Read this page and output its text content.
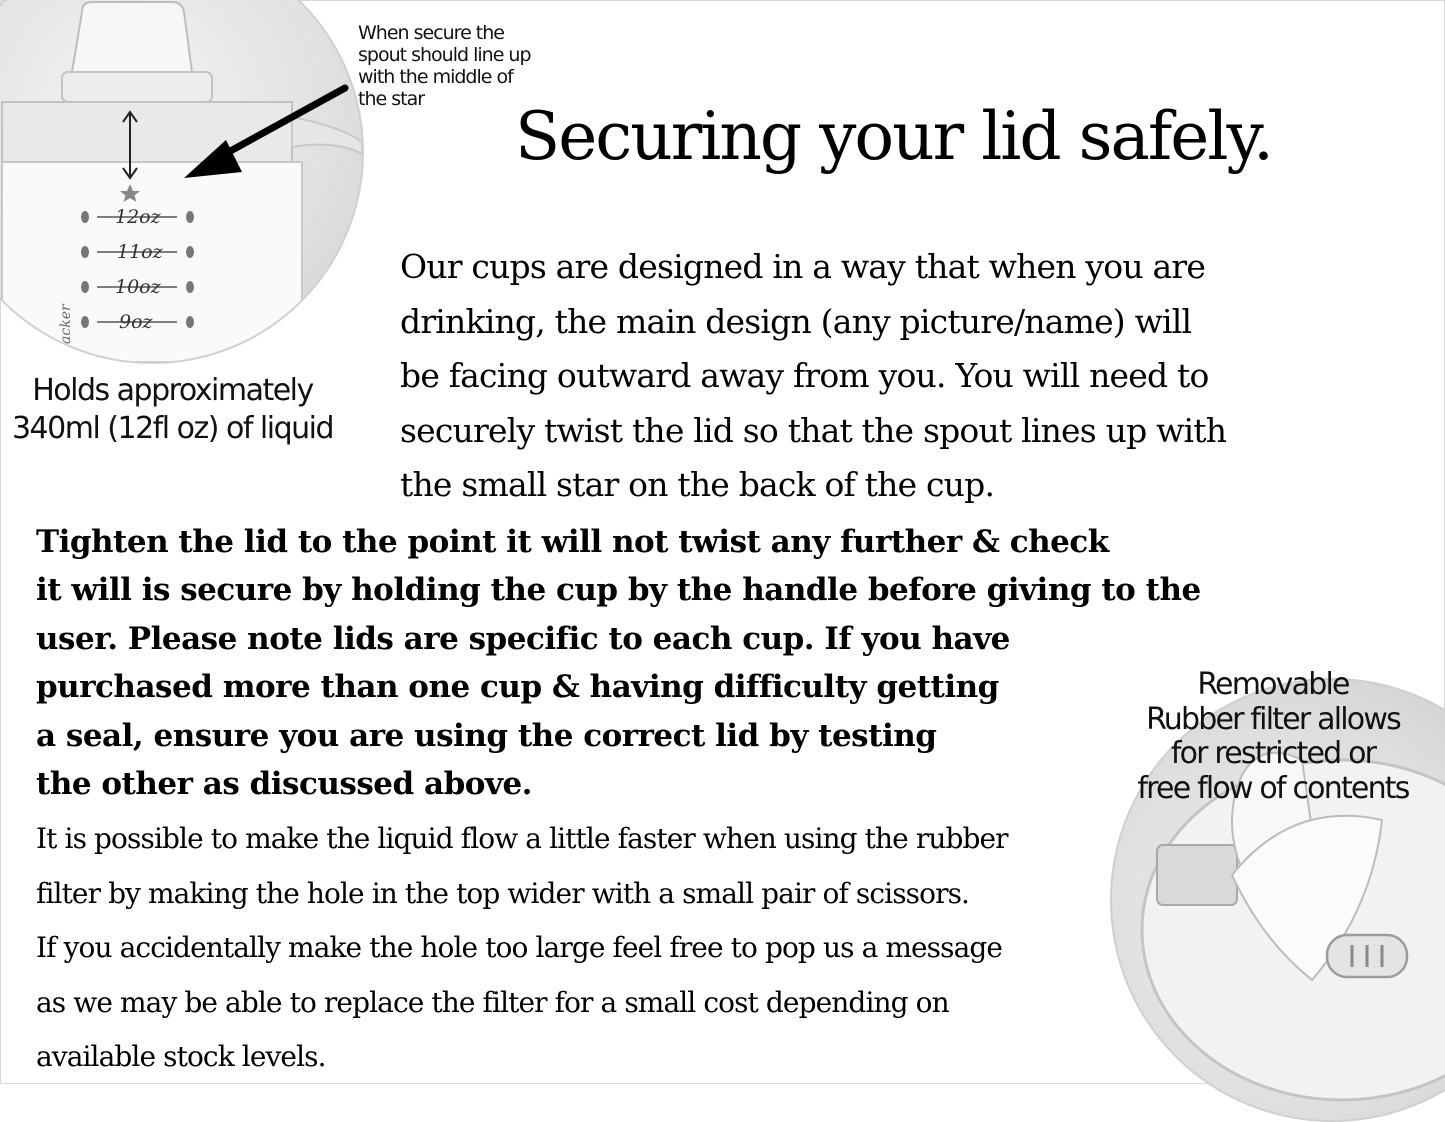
12oz
11oz
10oz
9oz
Tracker
When secure the
spout should line up
with the middle of
the star
Holds approximately
340ml (12fl oz) of liquid
Securing your lid safely.
Our cups are designed in a way that when you are
drinking, the main design (any picture/name) will
be facing outward away from you. You will need to
securely twist the lid so that the spout lines up with
the small star on the back of the cup.
Tighten the lid to the point it will not twist any further & check
it will is secure by holding the cup by the handle before giving to the
user. Please note lids are specific to each cup. If you have
purchased more than one cup & having difficulty getting
a seal, ensure you are using the correct lid by testing
the other as discussed above.
Removable
Rubber filter allows
for restricted or
free flow of contents
It is possible to make the liquid flow a little faster when using the rubber
filter by making the hole in the top wider with a small pair of scissors.
If you accidentally make the hole too large feel free to pop us a message
as we may be able to replace the filter for a small cost depending on
available stock levels.
